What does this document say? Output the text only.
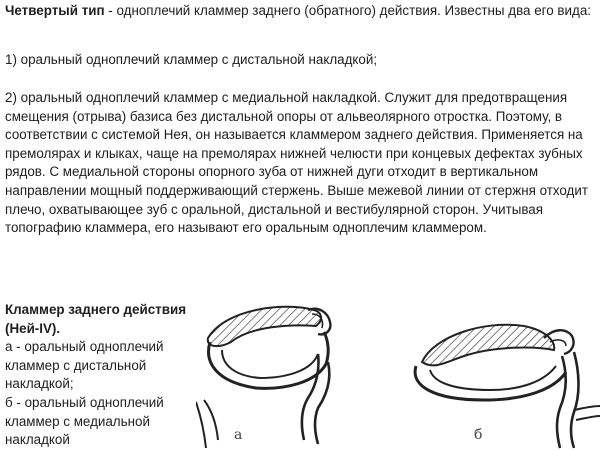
Четвертый тип - одноплечий кламмер заднего (обратного) действия. Известны два его вида:

1) оральный одноплечий кламмер с дистальной накладкой;

2) оральный одноплечий кламмер с медиальной накладкой. Служит для предотвращения смещения (отрыва) базиса без дистальной опоры от альвеолярного отростка. Поэтому, в соответствии с системой Нея, он называется кламмером заднего действия. Применяется на премолярах и клыках, чаще на премолярах нижней челюсти при концевых дефектах зубных рядов. С медиальной стороны опорного зуба от нижней дуги отходит в вертикальном направлении мощный поддерживающий стержень. Выше межевой линии от стержня отходит плечо, охватывающее зуб с оральной, дистальной и вестибулярной сторон. Учитывая топографию кламмера, его называют его оральным одноплечим кламмером.

Кламмер заднего действия
(Ней-IV).
а - оральный одноплечий
кламмер с дистальной
накладкой;
б - оральный одноплечий
кламмер с медиальной
накладкой	а	б
